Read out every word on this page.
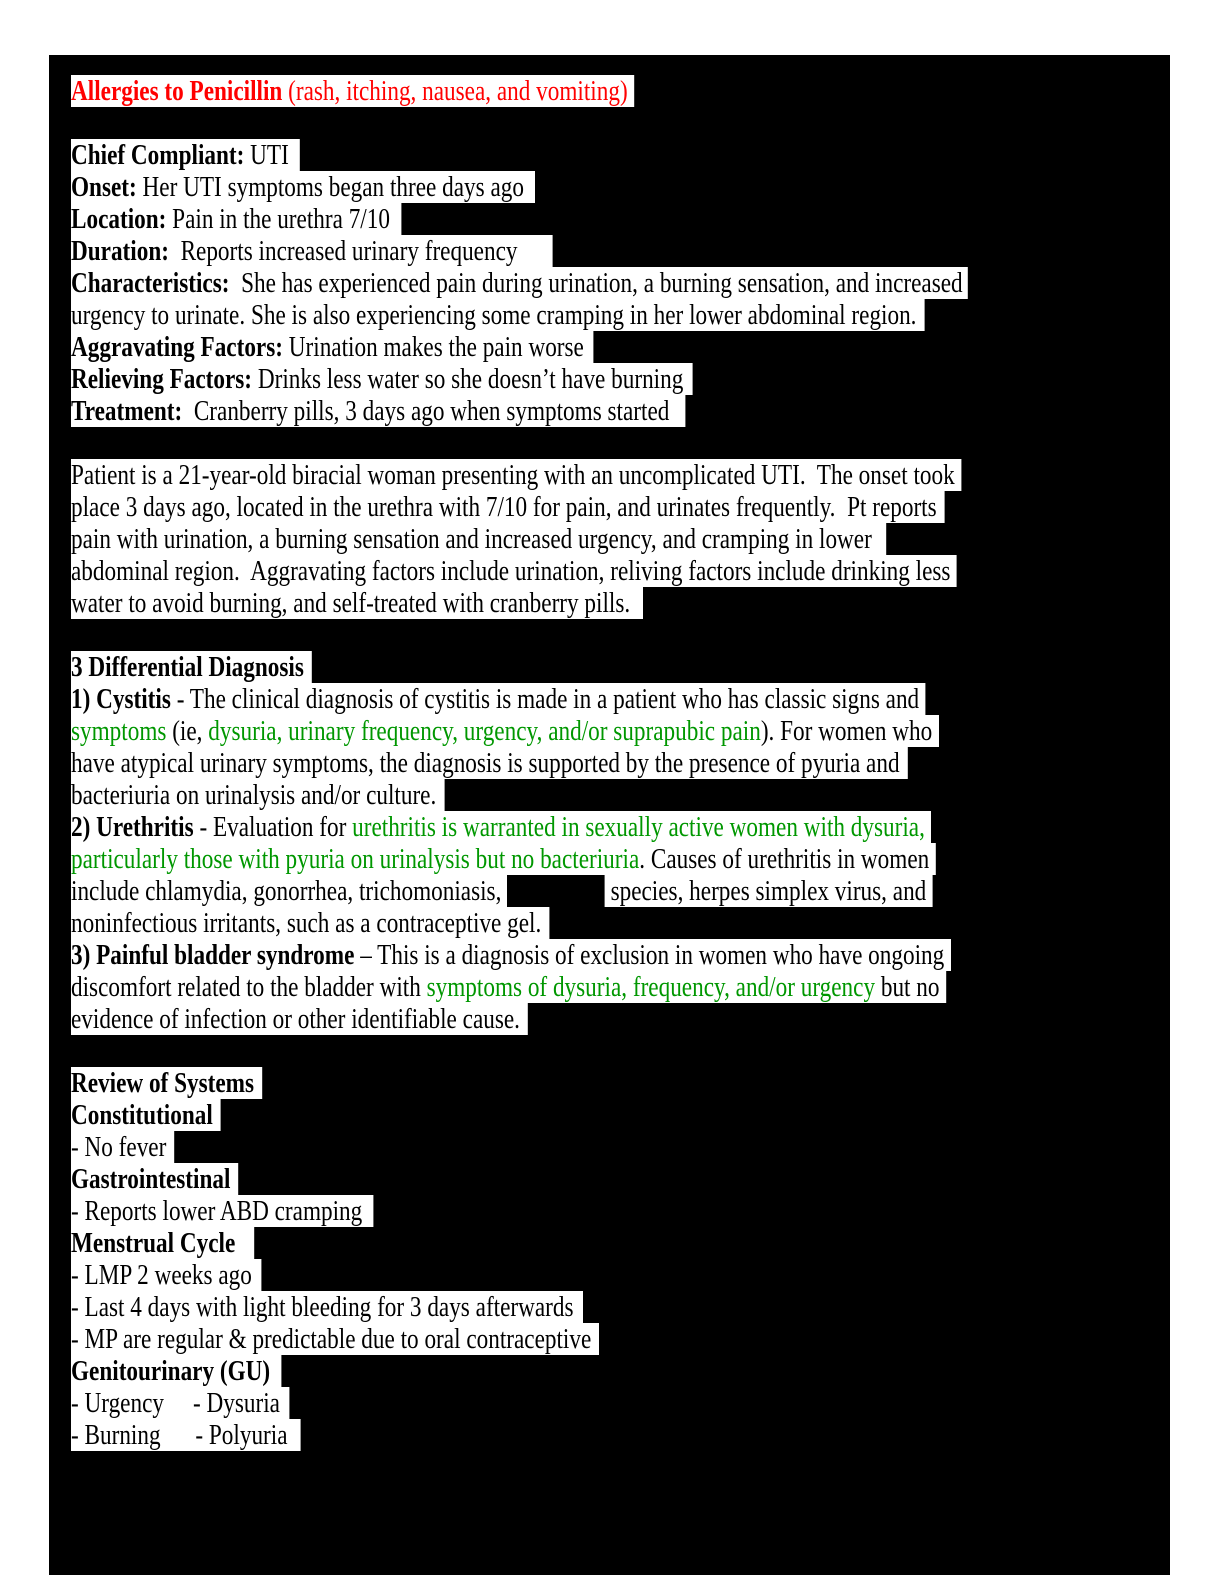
Allergies to Penicillin (rash, itching, nausea, and vomiting)
Chief Compliant: UTI
Onset: Her UTI symptoms began three days ago
Location: Pain in the urethra 7/10
Duration:  Reports increased urinary frequency
Characteristics:  She has experienced pain during urination, a burning sensation, and increased
urgency to urinate. She is also experiencing some cramping in her lower abdominal region.
Aggravating Factors: Urination makes the pain worse
Relieving Factors: Drinks less water so she doesn’t have burning
Treatment:  Cranberry pills, 3 days ago when symptoms started
Patient is a 21-year-old biracial woman presenting with an uncomplicated UTI.  The onset took
place 3 days ago, located in the urethra with 7/10 for pain, and urinates frequently.  Pt reports
pain with urination, a burning sensation and increased urgency, and cramping in lower
abdominal region.  Aggravating factors include urination, reliving factors include drinking less
water to avoid burning, and self-treated with cranberry pills.
3 Differential Diagnosis
1) Cystitis - The clinical diagnosis of cystitis is made in a patient who has classic signs and
symptoms (ie, dysuria, urinary frequency, urgency, and/or suprapubic pain). For women who
have atypical urinary symptoms, the diagnosis is supported by the presence of pyuria and
bacteriuria on urinalysis and/or culture.
2) Urethritis - Evaluation for urethritis is warranted in sexually active women with dysuria,
particularly those with pyuria on urinalysis but no bacteriuria. Causes of urethritis in women
include chlamydia, gonorrhea, trichomoniasis,	species, herpes simplex virus, and
noninfectious irritants, such as a contraceptive gel.
3) Painful bladder syndrome – This is a diagnosis of exclusion in women who have ongoing
discomfort related to the bladder with symptoms of dysuria, frequency, and/or urgency but no
evidence of infection or other identifiable cause.
Review of Systems
Constitutional
- No fever
Gastrointestinal
- Reports lower ABD cramping
Menstrual Cycle
- LMP 2 weeks ago
- Last 4 days with light bleeding for 3 days afterwards
- MP are regular & predictable due to oral contraceptive
Genitourinary (GU)
- Urgency     - Dysuria
- Burning      - Polyuria
